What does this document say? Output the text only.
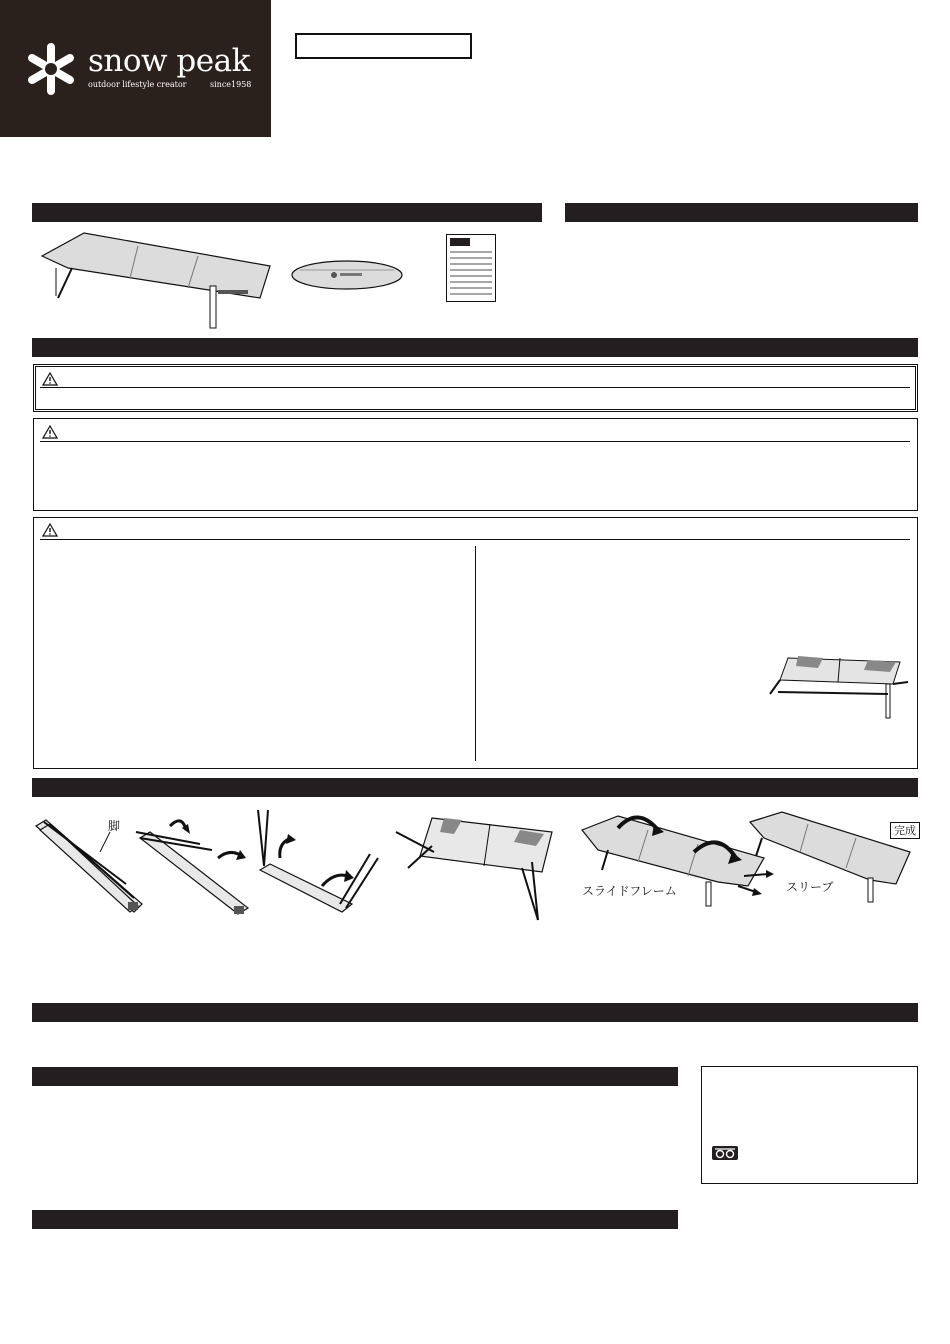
snow peak
outdoor lifestyle creator	since1958
脚
スライドフレーム	スリーブ
完成
